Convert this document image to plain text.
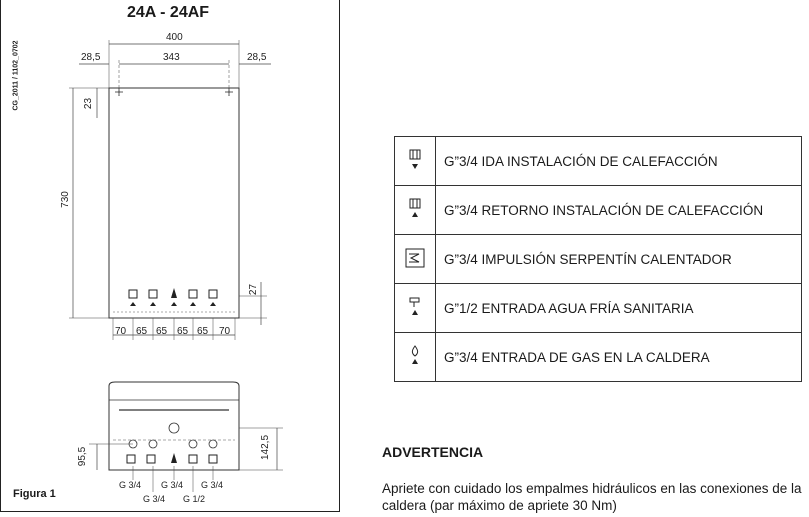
24A - 24AF
CG_2011 / 1102_0702
400
343
28,5	28,5
23
730
27
70 65 65 65 65 70
95,5	142,5
G 3/4 G 3/4 G 3/4
G 3/4 G 1/2
Figura 1
	G”3/4 IDA INSTALACIÓN DE CALEFACCIÓN
	G”3/4 RETORNO INSTALACIÓN DE CALEFACCIÓN
	G”3/4 IMPULSIÓN SERPENTÍN CALENTADOR
	G”1/2 ENTRADA AGUA FRÍA SANITARIA
	G”3/4 ENTRADA DE GAS EN LA CALDERA
ADVERTENCIA
Apriete con cuidado los empalmes hidráulicos en las conexiones de la caldera (par máximo de apriete 30 Nm)
